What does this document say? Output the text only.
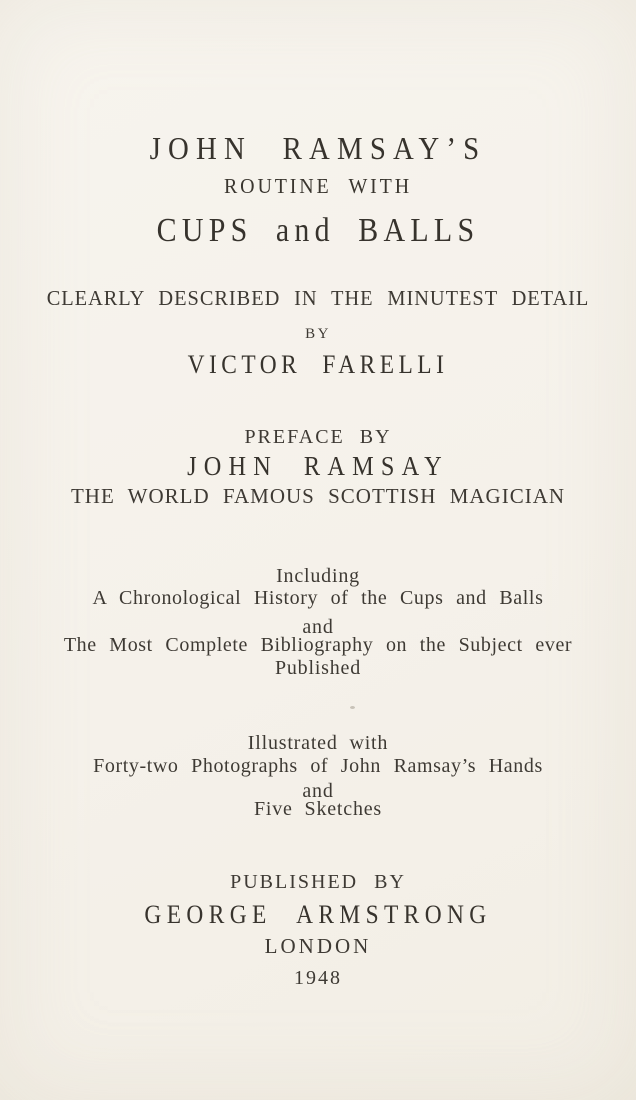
JOHN RAMSAY’S
ROUTINE WITH
CUPS and BALLS
CLEARLY DESCRIBED IN THE MINUTEST DETAIL
BY
VICTOR FARELLI
PREFACE BY
JOHN RAMSAY
THE WORLD FAMOUS SCOTTISH MAGICIAN
Including
A Chronological History of the Cups and Balls
and
The Most Complete Bibliography on the Subject ever
Published
Illustrated with
Forty-two Photographs of John Ramsay’s Hands
and
Five Sketches
PUBLISHED BY
GEORGE ARMSTRONG
LONDON
1948
